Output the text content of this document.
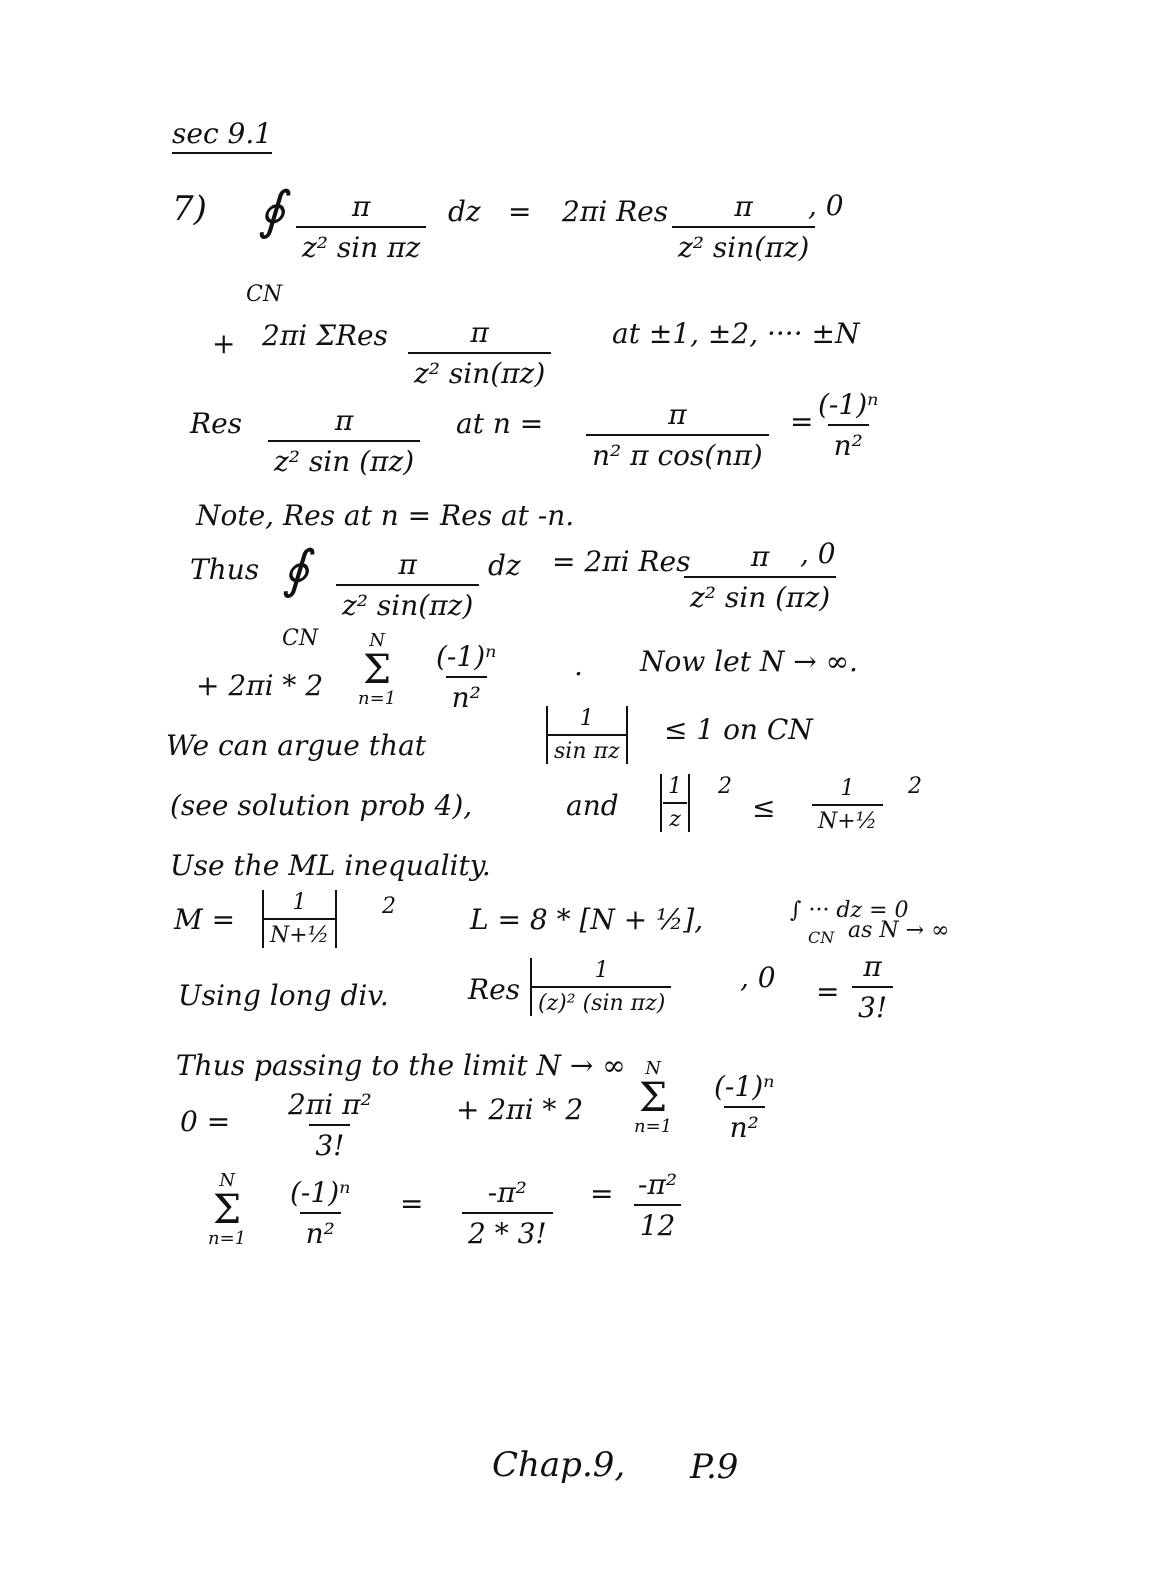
sec 9.1
7) ∮ $\frac{\pi}{\text{z² sin πz}}$ dz = 2πi Res $\frac{\pi}{\text{z² sin(πz)}}$
, 0
CN
+ 2πi ΣRes $\frac{\pi}{\text{z² sin(πz)}}$ at ±1, ±2, ···· ±N
Res $\frac{\pi}{\text{z² sin (πz)}}$ at $n = \frac{\pi}{\text{n² π cos(nπ)}}$ =
$\frac{\text{(-1)ⁿ}}{\text{n²}}$
Note, Res at n = Res at -n.
Thus ∮ $\frac{\pi}{\text{z² sin(πz)}}$ dz = 2πi Res
$\frac{\pi}{\text{z² sin (πz)}}$
, 0
CN
+ 2πi * 2
N
Σ
$n=1 \frac{\text{(-1)ⁿ}}{\text{n²}}$	. Now let N → ∞.
We can argue that	$\frac{1}{\text{sin πz}} \le 1$ on CN
(see solution prob 4),	and $\frac{1}{z} 2$
≤ $\frac{1}{\text{N+½}} 2$
Use the ML inequality.
$M = \frac{1}{\text{N+½}} 2$	L = 8 * [N + ½],	∫ ··· dz = 0
CN as N → ∞
Using long div.	Res $\frac{1}{\text{(z)² (sin πz)}}$ , $0 = \frac{\pi}{3!}$
Thus passing to the limit N → ∞
$0 = \frac{\text{2πi π²}}{3!}$	+ 2πi * 2
N
Σ
$n=1 \frac{\text{(-1)ⁿ}}{\text{n²}}$
N
Σ
$n=1 \frac{\text{(-1)ⁿ}}{\text{n²}} = \frac{\text{-π²}}{2 * 3!} = \frac{\text{-π²}}{12}$
Chap.9, P.9
